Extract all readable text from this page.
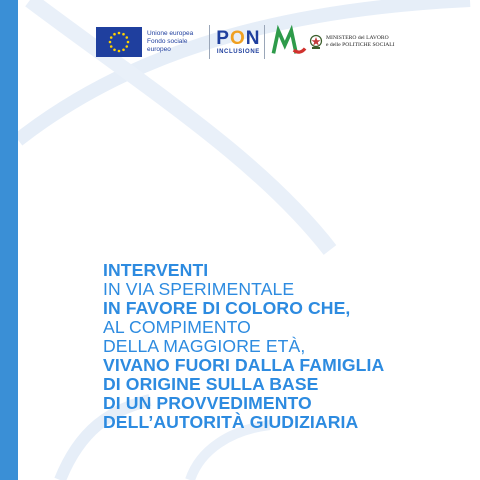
Unione europea
Fondo sociale europeo
PON
INCLUSIONE
MINISTERO del LAVORO
e delle POLITICHE SOCIALI
INTERVENTI
IN VIA SPERIMENTALE
IN FAVORE DI COLORO CHE,
AL COMPIMENTO
DELLA MAGGIORE ETÀ,
VIVANO FUORI DALLA FAMIGLIA
DI ORIGINE SULLA BASE
DI UN PROVVEDIMENTO
DELL’AUTORITÀ GIUDIZIARIA
